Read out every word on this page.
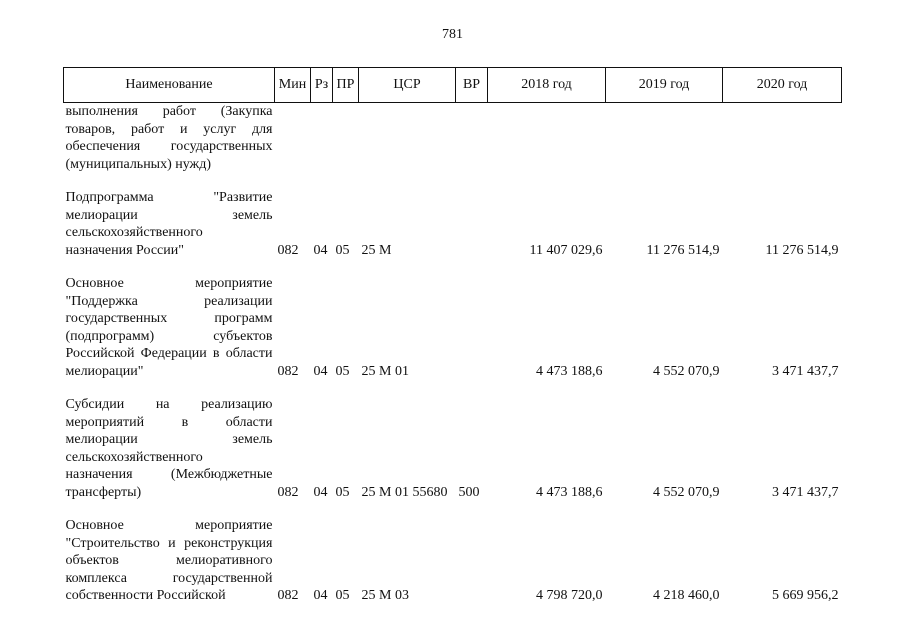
781
Наименование	Мин	Рз	ПР	ЦСР	ВР	2018 год	2019 год	2020 год
выполнения работ (Закупка товаров, работ и услуг для обеспечения государственных (муниципальных) нужд)								

Подпрограмма "Развитие мелиорации земель сельскохозяйственного назначения России"	082	04	05	25 М		11 407 029,6	11 276 514,9	11 276 514,9

Основное мероприятие "Поддержка реализации государственных программ (подпрограмм) субъектов Российской Федерации в области мелиорации"	082	04	05	25 М 01		4 473 188,6	4 552 070,9	3 471 437,7

Субсидии на реализацию мероприятий в области мелиорации земель сельскохозяйственного назначения (Межбюджетные трансферты)	082	04	05	25 М 01 55680	500	4 473 188,6	4 552 070,9	3 471 437,7

Основное мероприятие "Строительство и реконструкция объектов мелиоративного комплекса государственной собственности Российской	082	04	05	25 М 03		4 798 720,0	4 218 460,0	5 669 956,2
